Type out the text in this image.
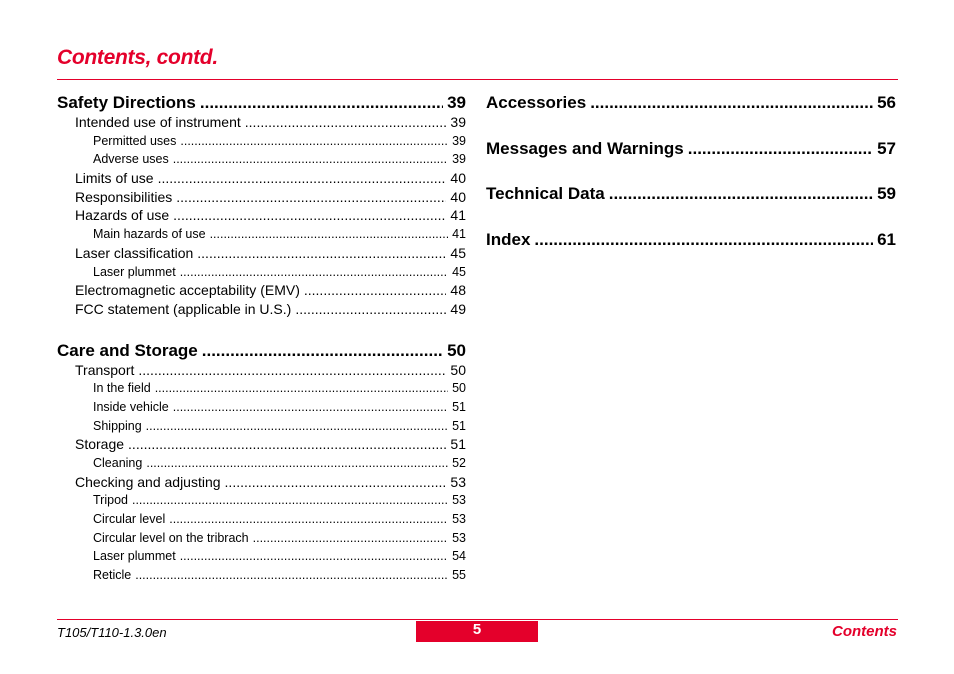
Contents, contd.
Safety Directions .....	39
Intended use of instrument .....	39
Permitted uses .....	39
Adverse uses .....	39
Limits of use .....	40
Responsibilities .....	40
Hazards of use .....	41
Main hazards of use .....	41
Laser classification .....	45
Laser plummet .....	45
Electromagnetic acceptability (EMV) .....	48
FCC statement (applicable in U.S.) .....	49
Care and Storage .....	50
Transport .....	50
In the field .....	50
Inside vehicle .....	51
Shipping .....	51
Storage .....	51
Cleaning .....	52
Checking and adjusting .....	53
Tripod .....	53
Circular level .....	53
Circular level on the tribrach .....	53
Laser plummet .....	54
Reticle .....	55
Accessories .....	56
Messages and Warnings .....	57
Technical Data .....	59
Index .....	61
T105/T110-1.3.0en	5	Contents
